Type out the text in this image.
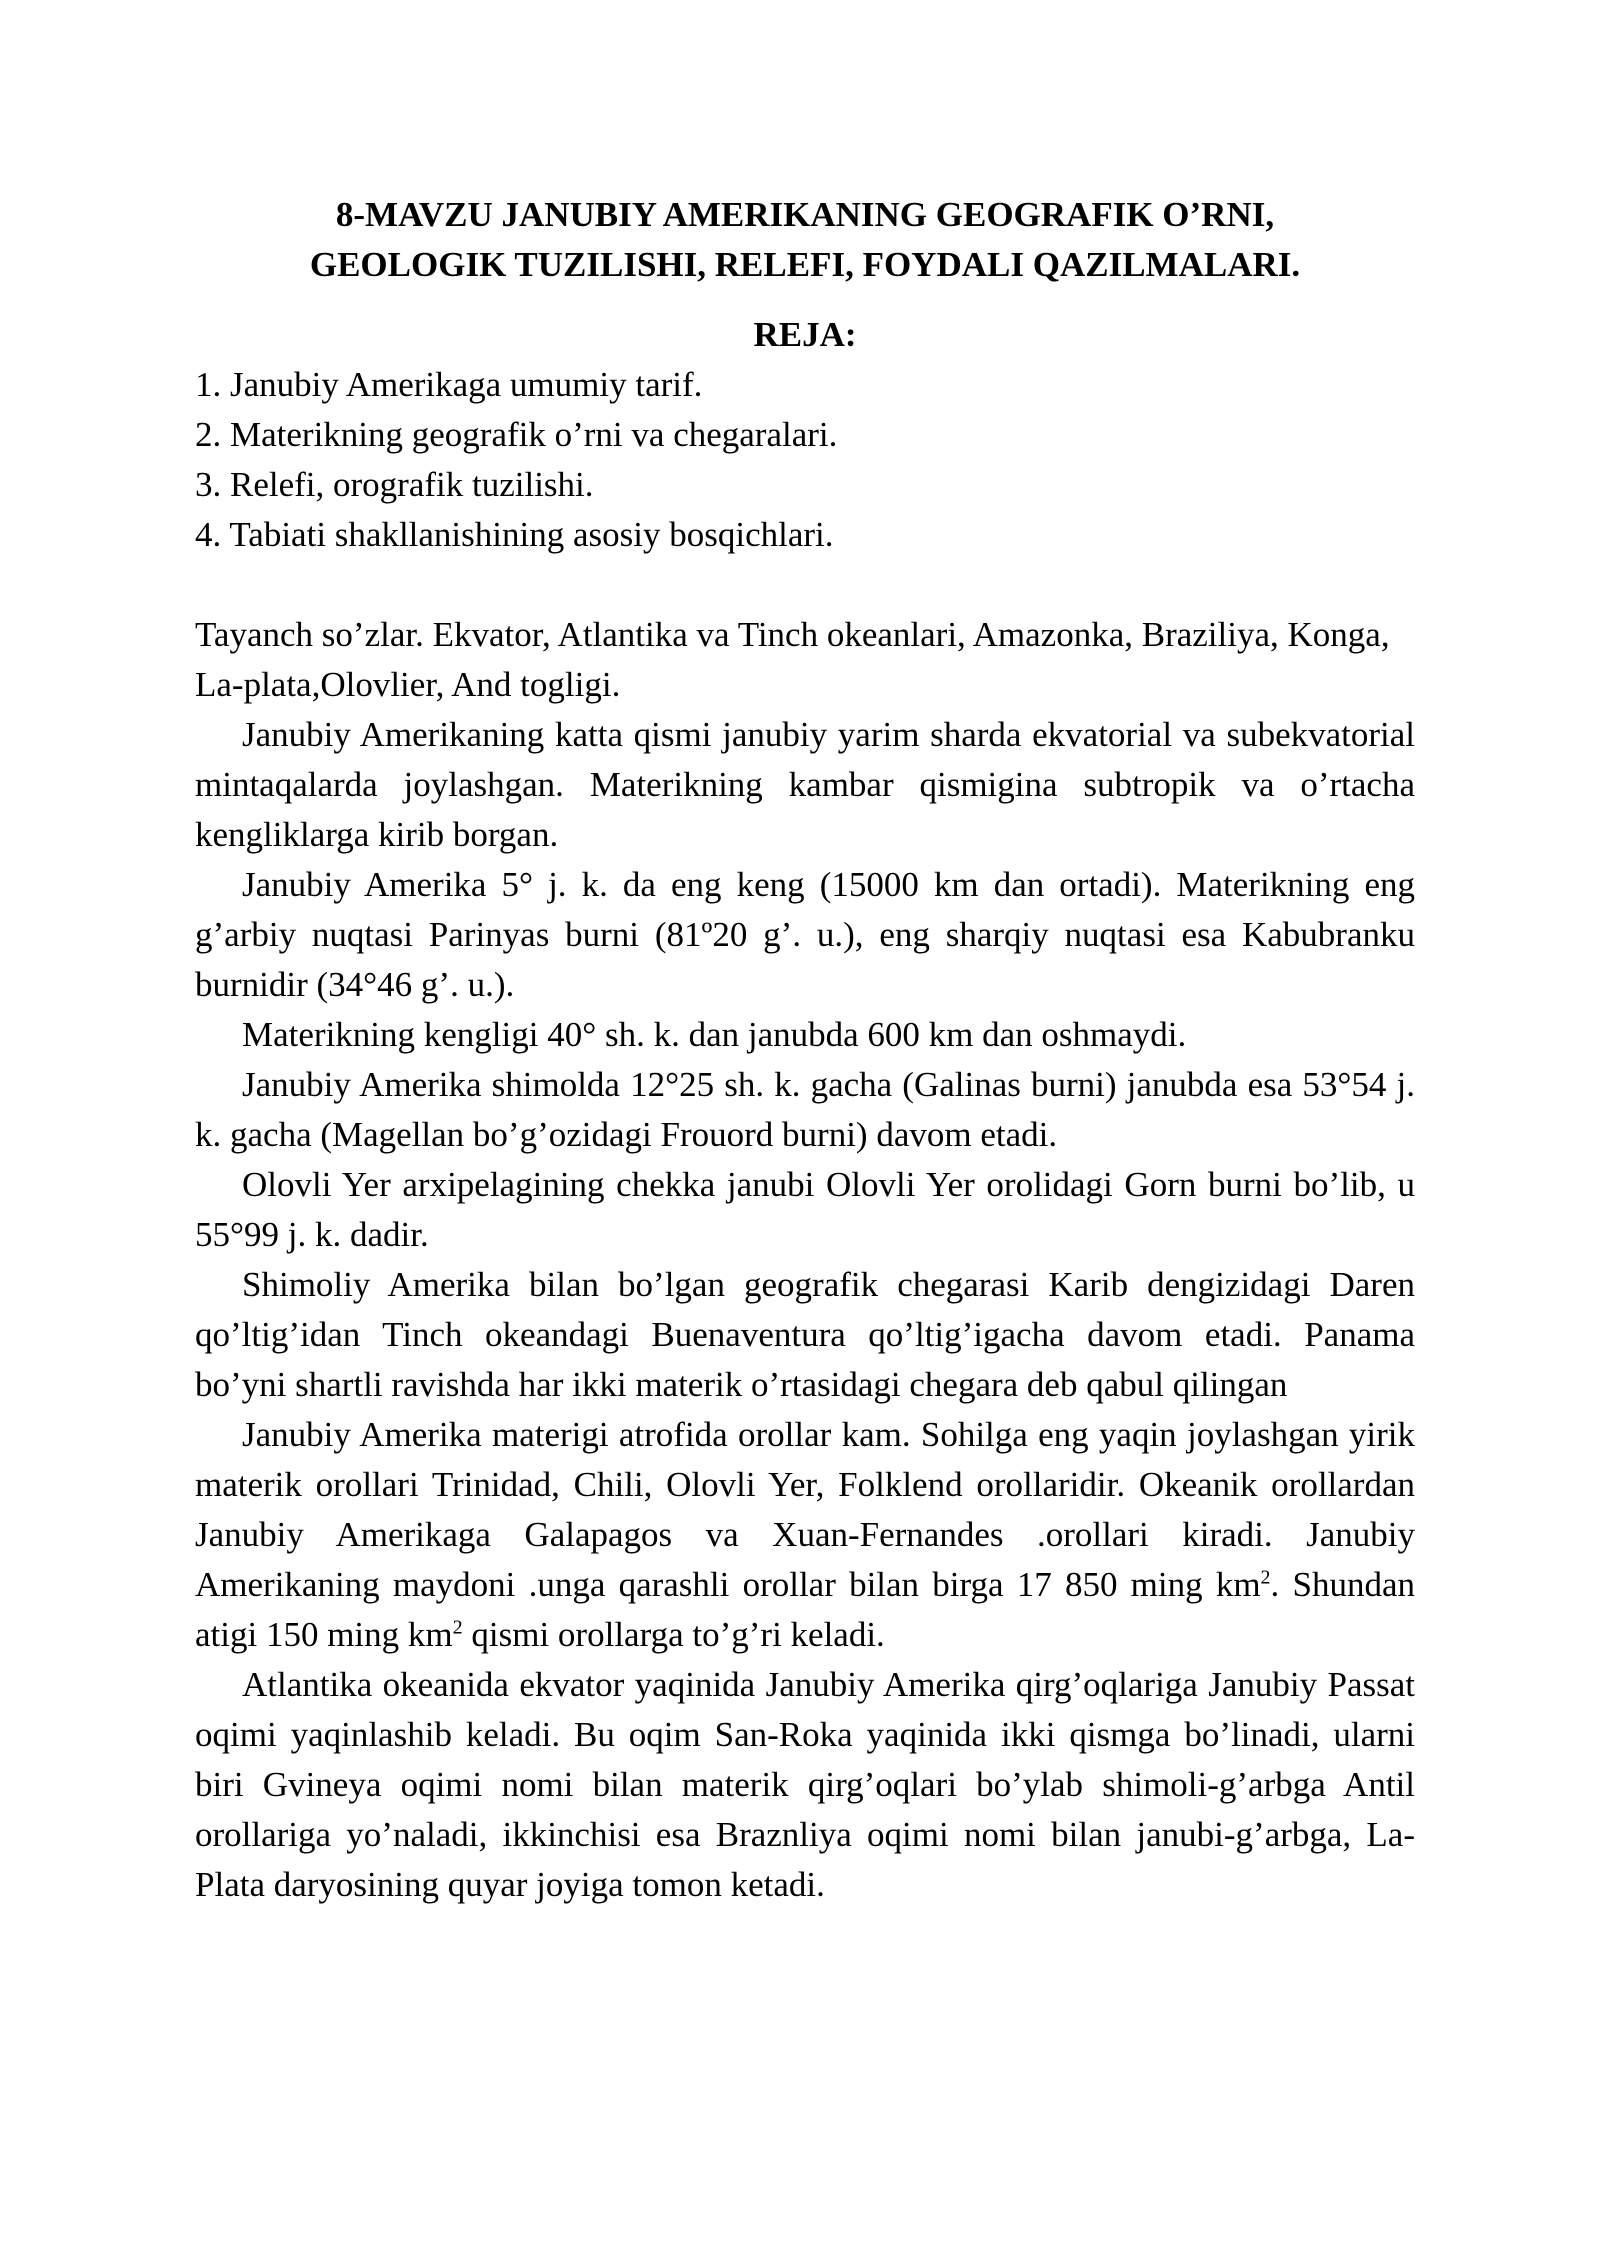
8-MAVZU JANUBIY AMERIKANING GEOGRAFIK O’RNI,
GEOLOGIK TUZILISHI, RELEFI, FOYDALI QAZILMALARI.
REJA:
1. Janubiy Amerikaga umumiy tarif.
2. Materikning geografik o’rni va chegaralari.
3. Relefi, orografik tuzilishi.
4. Tabiati shakllanishining asosiy bosqichlari.

Tayanch so’zlar. Ekvator, Atlantika va Tinch okeanlari, Amazonka, Braziliya, Konga, La-plata,Olovlier, And togligi.

Janubiy Amerikaning katta qismi janubiy yarim sharda ekvatorial va subekvatorial mintaqalarda joylashgan. Materikning kambar qismigina subtropik va o’rtacha kengliklarga kirib borgan.

Janubiy Amerika 5° j. k. da eng keng (15000 km dan ortadi). Materikning eng g’arbiy nuqtasi Parinyas burni (81º20 g’. u.), eng sharqiy nuqtasi esa Kabubranku burnidir (34°46 g’. u.).

Materikning kengligi 40° sh. k. dan janubda 600 km dan oshmaydi.

Janubiy Amerika shimolda 12°25 sh. k. gacha (Galinas burni) janubda esa 53°54 j. k. gacha (Magellan bo’g’ozidagi Frouord burni) davom etadi.

Olovli Yer arxipelagining chekka janubi Olovli Yer orolidagi Gorn burni bo’lib, u 55°99 j. k. dadir.

Shimoliy Amerika bilan bo’lgan geografik chegarasi Karib dengizidagi Daren qo’ltig’idan Tinch okeandagi Buenaventura qo’ltig’igacha davom etadi. Panama bo’yni shartli ravishda har ikki materik o’rtasidagi chegara deb qabul qilingan

Janubiy Amerika materigi atrofida orollar kam. Sohilga eng yaqin joylashgan yirik materik orollari Trinidad, Chili, Olovli Yer, Folklend orollaridir. Okeanik orollardan Janubiy Amerikaga Galapagos va Xuan-Fernandes .orollari kiradi. Janubiy Amerikaning maydoni .unga qarashli orollar bilan birga 17 850 ming $km^2$. Shundan atigi 150 ming $km^2$ qismi orollarga to’g’ri keladi.

Atlantika okeanida ekvator yaqinida Janubiy Amerika qirg’oqlariga Janubiy Passat oqimi yaqinlashib keladi. Bu oqim San-Roka yaqinida ikki qismga bo’linadi, ularni biri Gvineya oqimi nomi bilan materik qirg’oqlari bo’ylab shimoli-g’arbga Antil orollariga yo’naladi, ikkinchisi esa Braznliya oqimi nomi bilan janubi-g’arbga, La-Plata daryosining quyar joyiga tomon ketadi.
